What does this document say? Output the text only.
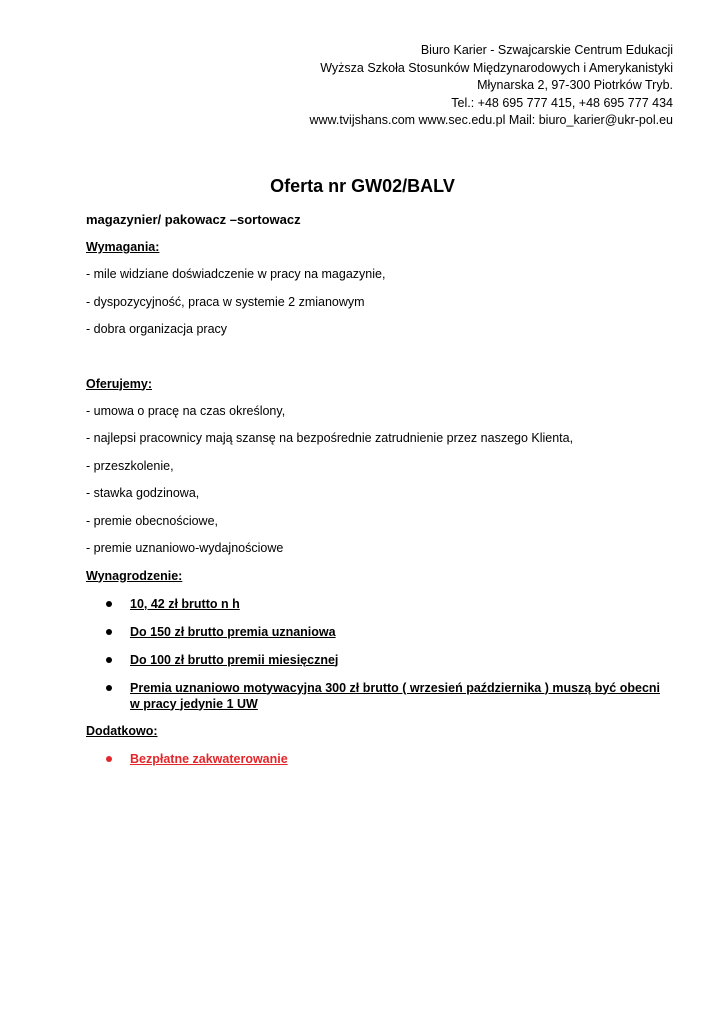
Biuro Karier - Szwajcarskie Centrum Edukacji
Wyższa Szkoła Stosunków Międzynarodowych i Amerykanistyki
Młynarska 2, 97-300 Piotrków Tryb.
Tel.: +48 695 777 415, +48 695 777 434
www.tvijshans.com www.sec.edu.pl Mail: biuro_karier@ukr-pol.eu
Oferta nr GW02/BALV
magazynier/ pakowacz –sortowacz
Wymagania:
- mile widziane doświadczenie w pracy na magazynie,
- dyspozycyjność, praca w systemie 2 zmianowym
- dobra organizacja pracy
Oferujemy:
- umowa o pracę na czas określony,
- najlepsi pracownicy mają szansę na bezpośrednie zatrudnienie przez naszego Klienta,
- przeszkolenie,
- stawka godzinowa,
- premie obecnościowe,
- premie uznaniowo-wydajnościowe
Wynagrodzenie:
10, 42 zł brutto n h
Do 150 zł brutto premia uznaniowa
Do 100 zł brutto premii miesięcznej
Premia uznaniowo motywacyjna 300 zł brutto ( wrzesień października ) muszą być obecni w pracy jedynie 1 UW
Dodatkowo:
Bezpłatne zakwaterowanie
